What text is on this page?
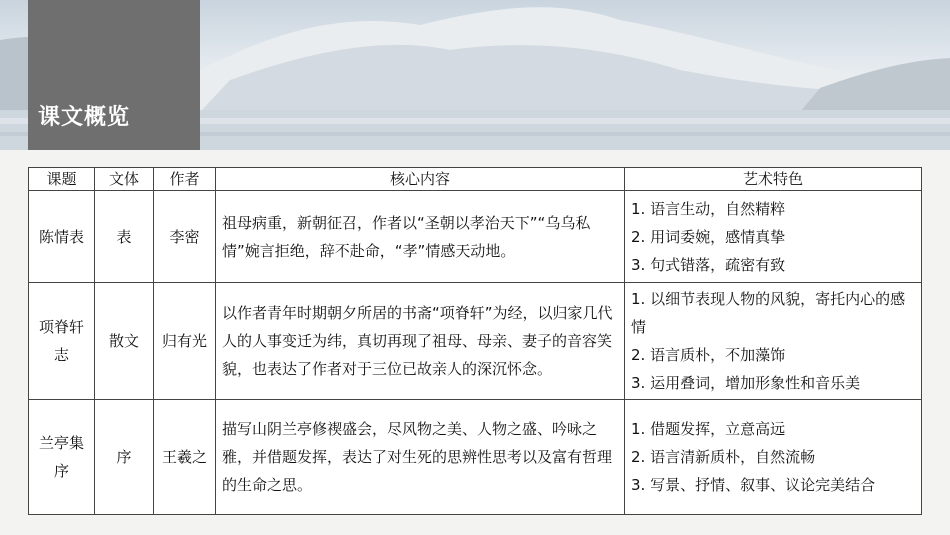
课文概览
课题	文体	作者	核心内容	艺术特色
陈情表	表	李密	祖母病重，新朝征召，作者以“圣朝以孝治天下”“乌乌私情”婉言拒绝，辞不赴命，“孝”情感天动地。	1. 语言生动，自然精粹
2. 用词委婉，感情真挚
3. 句式错落，疏密有致

项脊轩志	散文	归有光	以作者青年时期朝夕所居的书斋“项脊轩”为经，以归家几代人的人事变迁为纬，真切再现了祖母、母亲、妻子的音容笑貌，也表达了作者对于三位已故亲人的深沉怀念。	1. 以细节表现人物的风貌，寄托内心的感情
2. 语言质朴，不加藻饰
3. 运用叠词，增加形象性和音乐美

兰亭集序	序	王羲之	描写山阴兰亭修禊盛会，尽风物之美、人物之盛、吟咏之雅，并借题发挥，表达了对生死的思辨性思考以及富有哲理的生命之思。	1. 借题发挥，立意高远
2. 语言清新质朴，自然流畅
3. 写景、抒情、叙事、议论完美结合
